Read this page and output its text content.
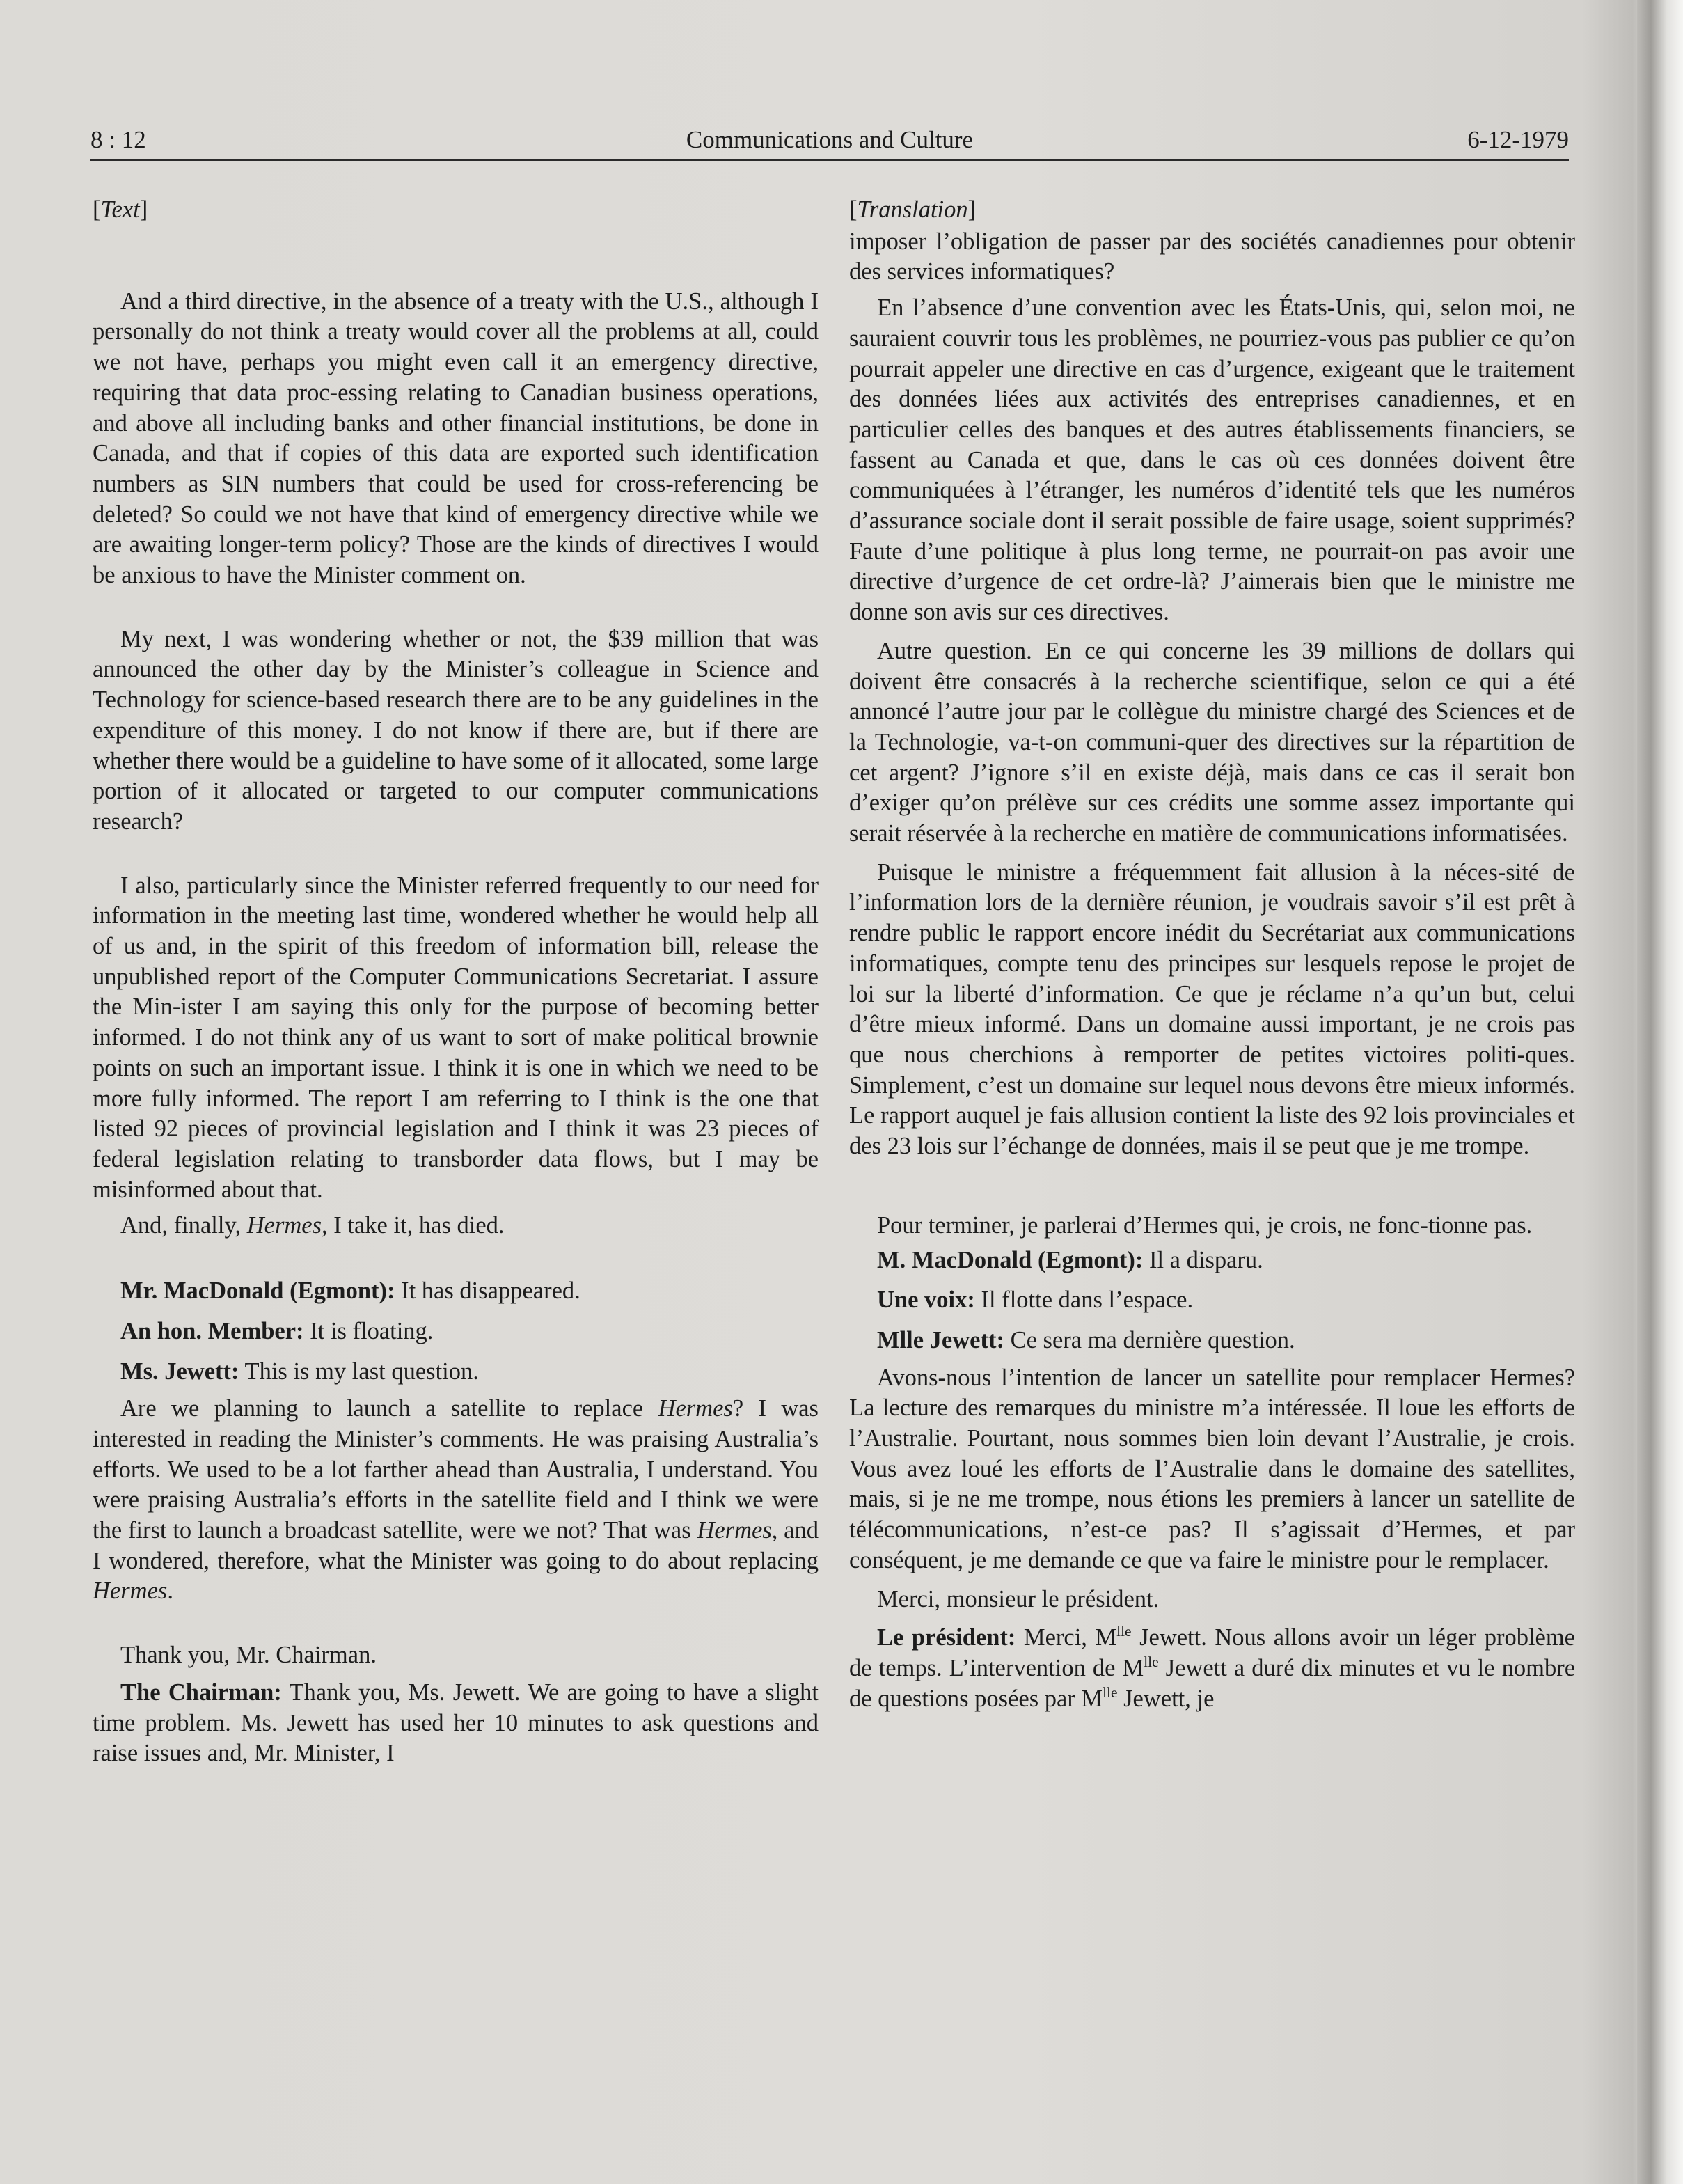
8 : 12	Communications and Culture	6-12-1979

[Text]

And a third directive, in the absence of a treaty with the U.S., although I personally do not think a treaty would cover all the problems at all, could we not have, perhaps you might even call it an emergency directive, requiring that data proc-essing relating to Canadian business operations, and above all including banks and other financial institutions, be done in Canada, and that if copies of this data are exported such identification numbers as SIN numbers that could be used for cross-referencing be deleted? So could we not have that kind of emergency directive while we are awaiting longer-term policy? Those are the kinds of directives I would be anxious to have the Minister comment on.

My next, I was wondering whether or not, the $39 million that was announced the other day by the Minister’s colleague in Science and Technology for science-based research there are to be any guidelines in the expenditure of this money. I do not know if there are, but if there are whether there would be a guideline to have some of it allocated, some large portion of it allocated or targeted to our computer communications research?

I also, particularly since the Minister referred frequently to our need for information in the meeting last time, wondered whether he would help all of us and, in the spirit of this freedom of information bill, release the unpublished report of the Computer Communications Secretariat. I assure the Min-ister I am saying this only for the purpose of becoming better informed. I do not think any of us want to sort of make political brownie points on such an important issue. I think it is one in which we need to be more fully informed. The report I am referring to I think is the one that listed 92 pieces of provincial legislation and I think it was 23 pieces of federal legislation relating to transborder data flows, but I may be misinformed about that.

And, finally, Hermes, I take it, has died.

Mr. MacDonald (Egmont): It has disappeared.

An hon. Member: It is floating.

Ms. Jewett: This is my last question.

Are we planning to launch a satellite to replace Hermes? I was interested in reading the Minister’s comments. He was praising Australia’s efforts. We used to be a lot farther ahead than Australia, I understand. You were praising Australia’s efforts in the satellite field and I think we were the first to launch a broadcast satellite, were we not? That was Hermes, and I wondered, therefore, what the Minister was going to do about replacing Hermes.

Thank you, Mr. Chairman.

The Chairman: Thank you, Ms. Jewett. We are going to have a slight time problem. Ms. Jewett has used her 10 minutes to ask questions and raise issues and, Mr. Minister, I

[Translation]

imposer l’obligation de passer par des sociétés canadiennes pour obtenir des services informatiques?

En l’absence d’une convention avec les États-Unis, qui, selon moi, ne sauraient couvrir tous les problèmes, ne pourriez-vous pas publier ce qu’on pourrait appeler une directive en cas d’urgence, exigeant que le traitement des données liées aux activités des entreprises canadiennes, et en particulier celles des banques et des autres établissements financiers, se fassent au Canada et que, dans le cas où ces données doivent être communiquées à l’étranger, les numéros d’identité tels que les numéros d’assurance sociale dont il serait possible de faire usage, soient supprimés? Faute d’une politique à plus long terme, ne pourrait-on pas avoir une directive d’urgence de cet ordre-là? J’aimerais bien que le ministre me donne son avis sur ces directives.

Autre question. En ce qui concerne les 39 millions de dollars qui doivent être consacrés à la recherche scientifique, selon ce qui a été annoncé l’autre jour par le collègue du ministre chargé des Sciences et de la Technologie, va-t-on communi-quer des directives sur la répartition de cet argent? J’ignore s’il en existe déjà, mais dans ce cas il serait bon d’exiger qu’on prélève sur ces crédits une somme assez importante qui serait réservée à la recherche en matière de communications informatisées.

Puisque le ministre a fréquemment fait allusion à la néces-sité de l’information lors de la dernière réunion, je voudrais savoir s’il est prêt à rendre public le rapport encore inédit du Secrétariat aux communications informatiques, compte tenu des principes sur lesquels repose le projet de loi sur la liberté d’information. Ce que je réclame n’a qu’un but, celui d’être mieux informé. Dans un domaine aussi important, je ne crois pas que nous cherchions à remporter de petites victoires politi-ques. Simplement, c’est un domaine sur lequel nous devons être mieux informés. Le rapport auquel je fais allusion contient la liste des 92 lois provinciales et des 23 lois sur l’échange de données, mais il se peut que je me trompe.

Pour terminer, je parlerai d’Hermes qui, je crois, ne fonc-tionne pas.

M. MacDonald (Egmont): Il a disparu.

Une voix: Il flotte dans l’espace.

Mlle Jewett: Ce sera ma dernière question.

Avons-nous l’intention de lancer un satellite pour remplacer Hermes? La lecture des remarques du ministre m’a intéressée. Il loue les efforts de l’Australie. Pourtant, nous sommes bien loin devant l’Australie, je crois. Vous avez loué les efforts de l’Australie dans le domaine des satellites, mais, si je ne me trompe, nous étions les premiers à lancer un satellite de télécommunications, n’est-ce pas? Il s’agissait d’Hermes, et par conséquent, je me demande ce que va faire le ministre pour le remplacer.

Merci, monsieur le président.

Le président: Merci, $M^{lle}$ Jewett. Nous allons avoir un léger problème de temps. L’intervention de $M^{lle}$ Jewett a duré dix minutes et vu le nombre de questions posées par $M^{lle}$ Jewett, je
